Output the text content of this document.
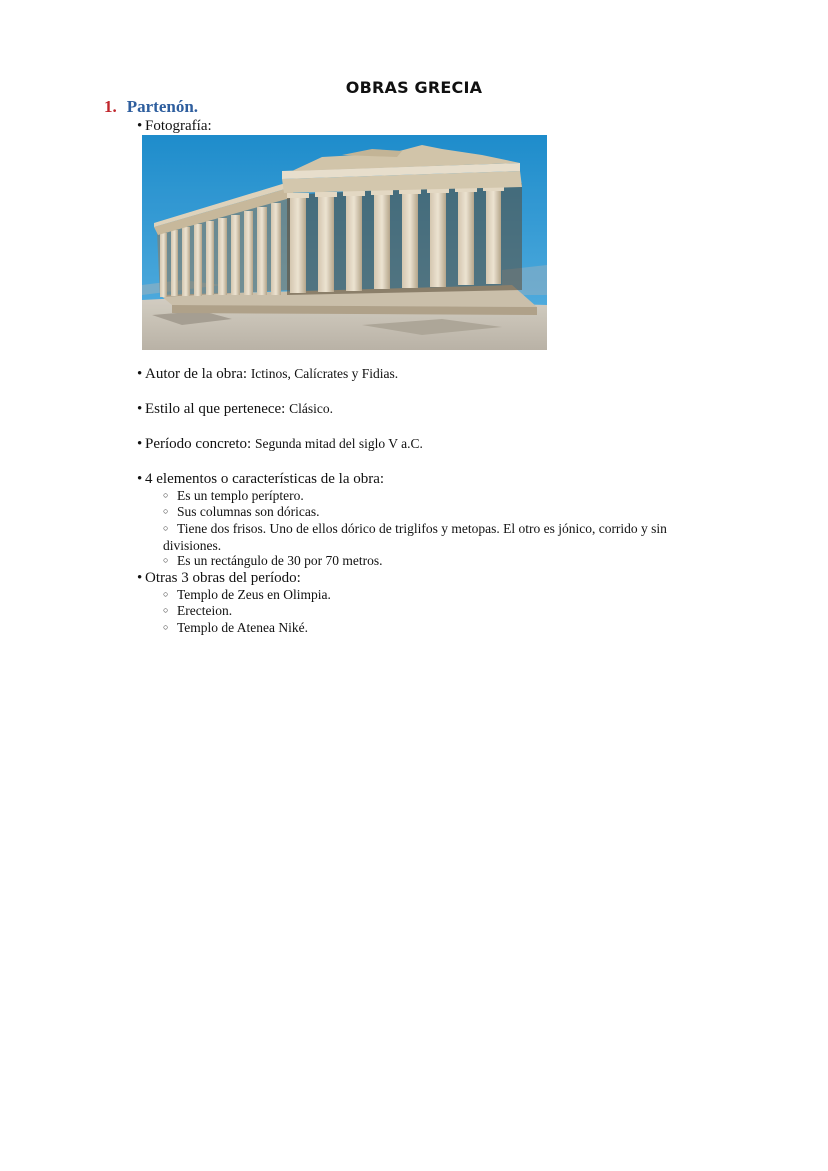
OBRAS GRECIA
1. Partenón.
• Fotografía:
• Autor de la obra: Ictinos, Calícrates y Fidias.
• Estilo al que pertenece: Clásico.
• Período concreto: Segunda mitad del siglo V a.C.
• 4 elementos o características de la obra:
○ Es un templo períptero.
○ Sus columnas son dóricas.
○ Tiene dos frisos. Uno de ellos dórico de triglifos y metopas. El otro es jónico, corrido y sin divisiones.
○ Es un rectángulo de 30 por 70 metros.
• Otras 3 obras del período:
○ Templo de Zeus en Olimpia.
○ Erecteion.
○ Templo de Atenea Niké.
